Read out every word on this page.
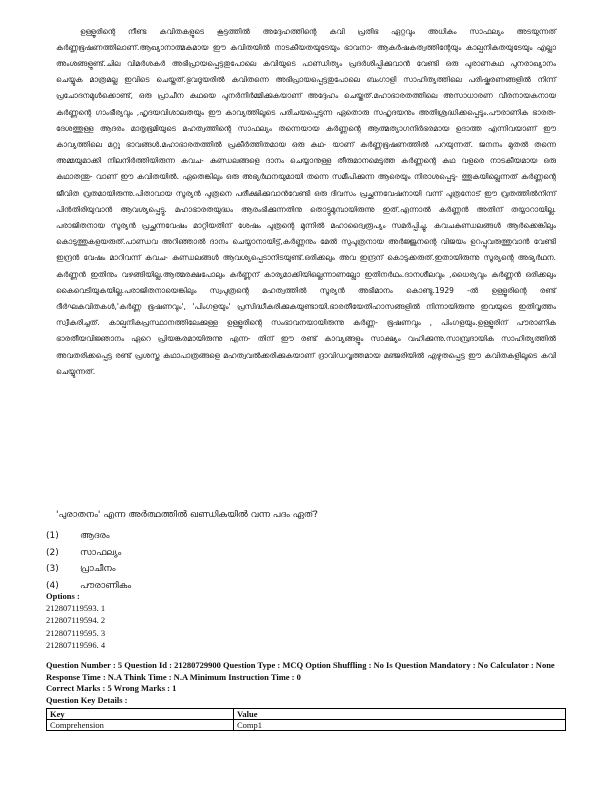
ഉള്ളൂരിന്റെ നീണ്ട കവിതകളുടെ കൂട്ടത്തിൽ അദ്ദേഹത്തിന്റെ കവി പ്രതിഭ ഏറ്റവും അധികം സാഫല്യം അടയുന്നത് കർണ്ണഭൂഷണത്തിലാണ്.ആഖ്യാനാത്മകമായ ഈ കവിതയിൽ നാടകീയതയുടേയും ഭാവനാ- ആകർഷകത്വത്തിന്റേയും കാല്പനികതയുടേയും എല്ലാ അംശങ്ങളുണ്ട്.ചില വിമർശകർ അഭിപ്രായപ്പെട്ടതുപോലെ കവിയുടെ പാണ്ഡിത്യം പ്രദർശിപ്പിക്കുവാൻ വേണ്ടി ഒരു പുരാണകഥ പുനരാഖ്യാനം ചെയ്യുക മാത്രമല്ല ഇവിടെ ചെയ്തത്.ഭുവദൂയരിൽ കവിതന്നെ അഭിപ്രായപ്പെട്ടതുപോലെ ബംഗാളി സാഹിത്യത്തിലെ പരിഷ്കരണങ്ങളിൽ നിന്ന് പ്രചോദനമുൾക്കൊണ്ട്, ഒരു പ്രാചീന കഥയെ പുനർനിർമ്മിക്കുകയാണ് അദ്ദേഹം ചെയ്തത്.മഹാഭാരതത്തിലെ അസാധാരണ വീരനായകനായ കർണ്ണന്റെ ഗാംഭീര്യവും ,ഹൃദയവിശാലതയും ഈ കാവ്യത്തിലൂടെ പരിചയപ്പെടുന്ന ഏതൊരു സഹൃദയനും അതിശ്രദ്ധിക്കപ്പെടും.പൗരാണിക ഭാരത- ദേശത്തുള്ള ആദരം മാതൃഭൂമിയുടെ മഹത്വത്തിന്റെ സാഫല്യം തന്നെയായ കർണ്ണന്റെ ആത്മത്യാഗനിർഭരമായ ഉദാത്ത എന്നിവയാണ് ഈ കാവ്യത്തിലെ മറ്റു ഭാവങ്ങൾ.മഹാഭാരതത്തിൽ പ്രകീർത്തിതമായ ഒരു കഥ- യാണ് കർണ്ണഭൂഷണത്തിൽ പറയുന്നത്. ജനനം മുതൽ തന്നെ അമ്മയുമാക്കി നിലനിർത്തിയിരുന്ന കവച- കുണ്ഡലങ്ങളെ ദാനം ചെയ്യാനുള്ള തീരുമാനമെടുത്ത കർണ്ണന്റെ കഥ വളരെ നാടകീയമായ ഒരു കഥാതന്തു- വാണ് ഈ കവിതയിൽ. ഏതെങ്കിലും ഒരു അഭ്യർഥനയുമായി തന്നെ സമീപിക്കുന്ന ആരെയും നിരാശപ്പെടു- ത്തുകയില്ലെന്നത് കർണ്ണന്റെ ജീവിത വ്രതമായിരുന്നു.പിതാവായ സൂര്യൻ പുത്രനെ പരീക്ഷിക്കുവാൻവേണ്ടി ഒരു ദിവസം പ്രച്ഛന്നവേഷനായി വന്ന് പുത്രനോട് ഈ വ്രതത്തിൽനിന്ന് പിൻതിരിയുവാൻ ആവശ്യപ്പെട്ടു. മഹാഭാരതയുദ്ധം ആരംഭിക്കുന്നതിനു തൊട്ടുമുമ്പായിരുന്നു ഇത്.എന്നാൽ കർണ്ണൻ അതിന് തയ്യാറായില്ല. പരാജിതനായ സൂര്യൻ പ്രച്ഛന്നവേഷം മാറ്റിയതിന് ശേഷം പുത്രന്റെ മുന്നിൽ മഹാദ്വൈരൂപ്യം സമർപ്പിച്ചു. കവചകുണ്ഡലങ്ങൾ ആർക്കെങ്കിലും കൊടുത്തുകളയരുത്.പാണ്ഡവ അറിഞ്ഞാൽ ദാനം ചെയ്യാനായിട്ട്,കർണ്ണനും മേൽ സുപുത്രനായ അർജ്ജുനന്റെ വിജയം ഉറപ്പുവരുത്തുവാൻ വേണ്ടി ഇന്ദ്രൻ വേഷം മാറിവന്ന് കവച- കുണ്ഡലങ്ങൾ ആവശ്യപ്പെടാനിടയുണ്ട്.ഒരിക്കലും അവ ഇന്ദ്രന് കൊടുക്കരുത്.ഇതായിരുന്നു സൂര്യന്റെ അഭ്യർഥന. കർണ്ണൻ ഇതിനും വഴങ്ങിയില്ല.ആത്മരക്ഷപോലും കർണ്ണന് കാര്യമാക്കിയില്ലെന്നാണല്ലോ ഇതിനർഥം.ദാനശീലവും ,ധൈര്യവും കർണ്ണൻ ഒരിക്കലും കൈവെടിയുകയില്ല.പരാജിതനായെങ്കിലും സ്വപുത്രന്റെ മഹത്വത്തിൽ സൂര്യൻ അഭിമാനം കൊണ്ടു.1929 -ൽ ഉള്ളൂരിന്റെ രണ്ട് ദീർഘകവിതകൾ,'കർണ്ണ ഭൂഷണവും', 'പിംഗളയും' പ്രസിദ്ധീകരിക്കുകയുണ്ടായി.ഭാരതീയേതിഹാസങ്ങളിൽ നിന്നായിരുന്നു ഇവയുടെ ഇതിവൃത്തം സ്വീകരിച്ചത്. കാല്പനികപ്രസ്ഥാനത്തിലേക്കുള്ള ഉള്ളൂരിന്റെ സംഭാവനയായിരുന്നു കർണ്ണ- ഭൂഷണവും , പിംഗളയും.ഉള്ളൂരിന് പൗരാണിക ഭാരതീയവിജ്ഞാനം ഏറെ പ്രിയങ്കരമായിരുന്നു എന്ന- തിന് ഈ രണ്ട് കാവ്യങ്ങളും സാക്ഷ്യം വഹിക്കുന്നു.സാമ്പ്രദായിക സാഹിത്യത്തിൽ അവതരിക്കപ്പെട്ട രണ്ട് പ്രശസ്ത കഥാപാത്രങ്ങളെ മഹത്വവൽക്കരിക്കുകയാണ് ദ്രാവിഡവൃത്തമായ മഞ്ജരിയിൽ എഴുതപ്പെട്ട ഈ കവിതകളിലൂടെ കവി ചെയ്യുന്നത്.

'പുരാതനം' എന്ന അർത്ഥത്തിൽ ഖണ്ഡികയിൽ വന്ന പദം ഏത്?
(1)	ആദരം
(2)	സാഫല്യം
(3)	പ്രാചീനം
(4)	പൗരാണികം
Options :
212807119593. 1
212807119594. 2
212807119595. 3
212807119596. 4
Question Number : 5 Question Id : 21280729900 Question Type : MCQ Option Shuffling : No Is Question Mandatory : No Calculator : None
Response Time : N.A Think Time : N.A Minimum Instruction Time : 0
Correct Marks : 5 Wrong Marks : 1
Question Key Details :
Key	Value
Comprehension	Comp1
